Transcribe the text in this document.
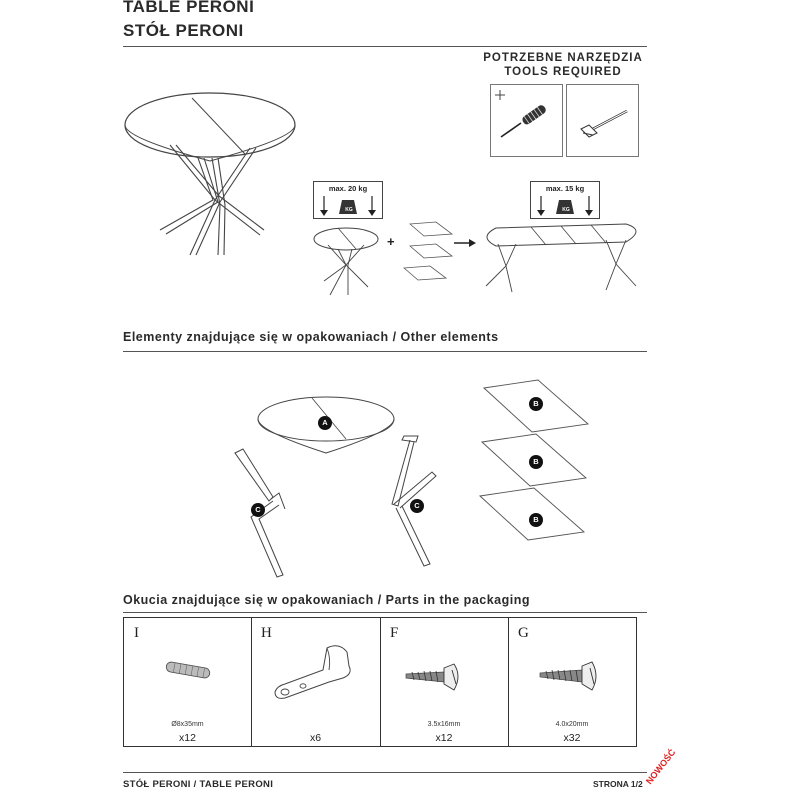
TABLE PERONI
STÓŁ PERONI
POTRZEBNE NARZĘDZIA
TOOLS REQUIRED
max. 20 kg
KG
+
max. 15 kg
KG
Elementy znajdujące się w opakowaniach / Other elements
A
C	C
B
B
B
Okucia znajdujące się w opakowaniach / Parts in the packaging
I
Ø8x35mm
x12
H
x6
F
3.5x16mm
x12
G
4.0x20mm
x32
STÓŁ PERONI / TABLE PERONI	STRONA 1/2 NOWOŚĆ
